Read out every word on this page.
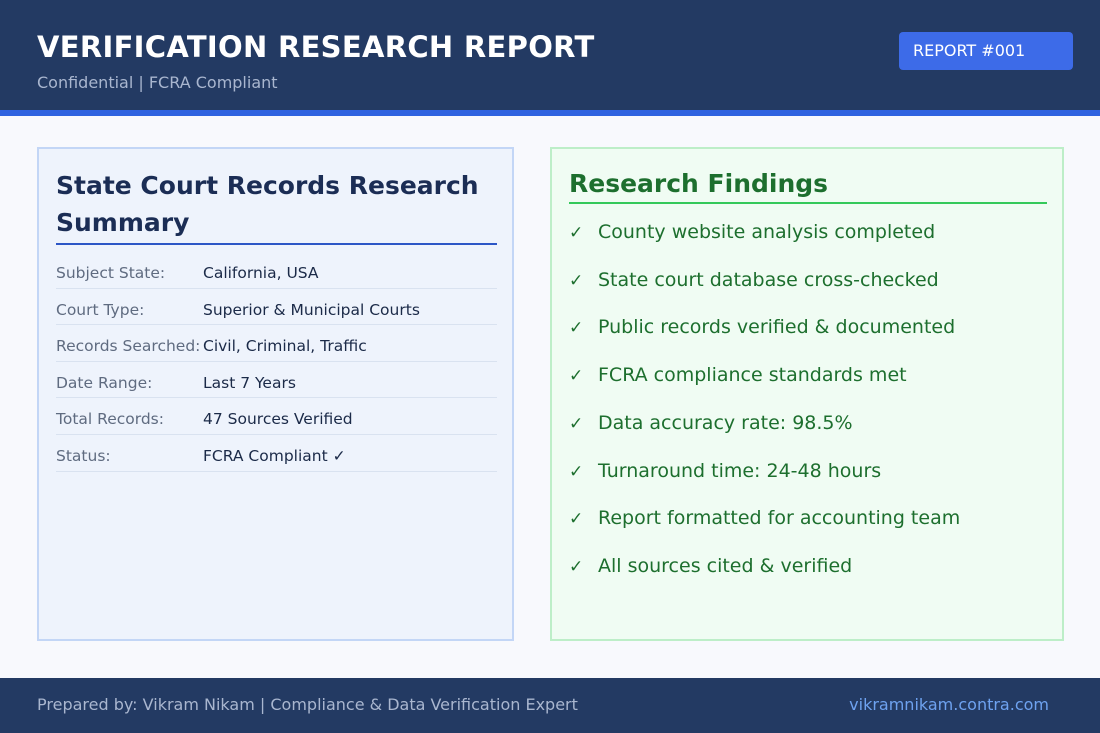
VERIFICATION RESEARCH REPORT
Confidential | FCRA Compliant
REPORT #001
State Court Records Research Summary
Subject State: California, USA
Court Type:	Superior & Municipal Courts
Records Searched: Civil, Criminal, Traffic
Date Range:	Last 7 Years
Total Records:	47 Sources Verified
Status:	FCRA Compliant ✓
Research Findings
✓ County website analysis completed
✓ State court database cross-checked
✓ Public records verified & documented
✓ FCRA compliance standards met
✓ Data accuracy rate: 98.5%
✓ Turnaround time: 24-48 hours
✓ Report formatted for accounting team
✓ All sources cited & verified
Prepared by: Vikram Nikam | Compliance & Data Verification Expert	vikramnikam.contra.com
